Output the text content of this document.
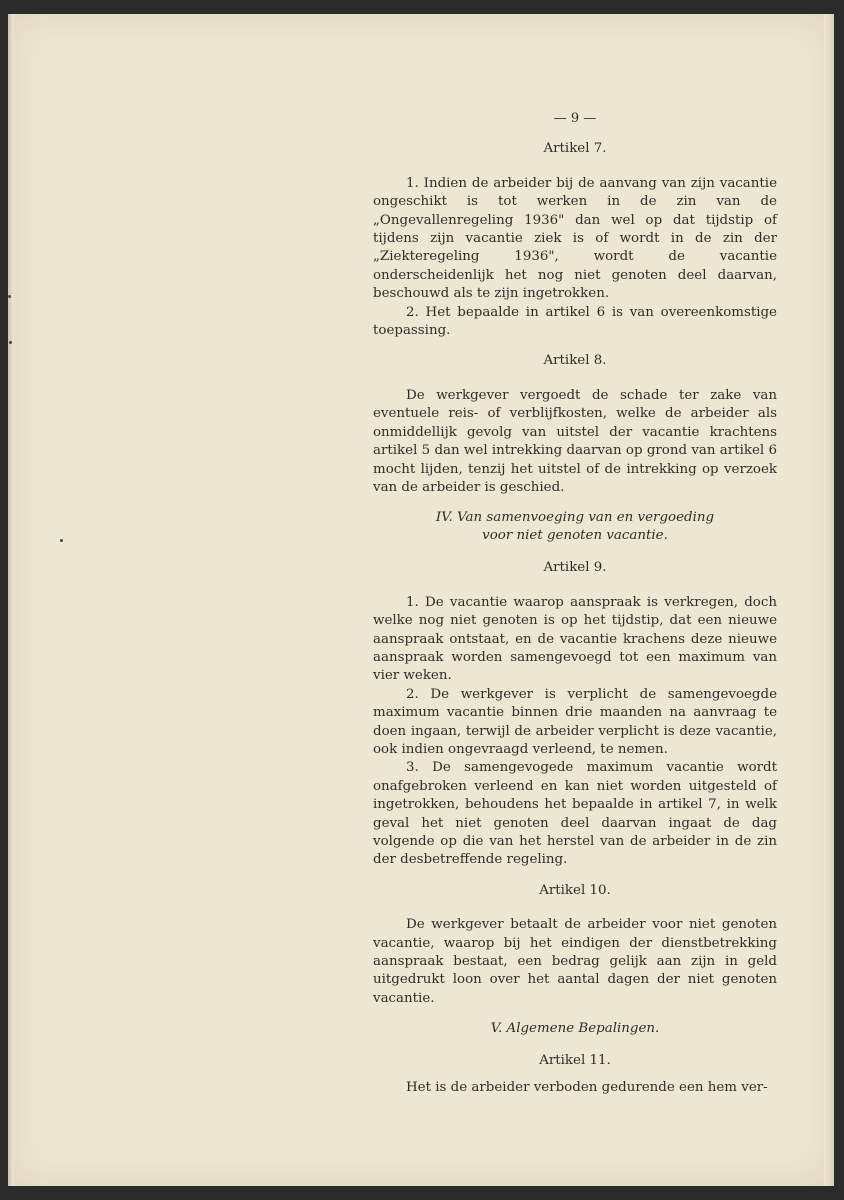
— 9 —
Artikel 7.

1. Indien de arbeider bij de aanvang van zijn vacantie ongeschikt is tot werken in de zin van de „Ongevallenregeling 1936" dan wel op dat tijdstip of tijdens zijn vacantie ziek is of wordt in de zin der „Ziekteregeling 1936", wordt de vacantie onderscheidenlijk het nog niet genoten deel daarvan, beschouwd als te zijn ingetrokken.

2. Het bepaalde in artikel 6 is van overeenkomstige toepassing.

Artikel 8.

De werkgever vergoedt de schade ter zake van eventuele reis- of verblijfkosten, welke de arbeider als onmiddellijk gevolg van uitstel der vacantie krachtens artikel 5 dan wel intrekking daarvan op grond van artikel 6 mocht lijden, tenzij het uitstel of de intrekking op verzoek van de arbeider is geschied.

IV. Van samenvoeging van en vergoeding
voor niet genoten vacantie.
Artikel 9.

1. De vacantie waarop aanspraak is verkregen, doch welke nog niet genoten is op het tijdstip, dat een nieuwe aanspraak ontstaat, en de vacantie krachens deze nieuwe aanspraak worden samengevoegd tot een maximum van vier weken.

2. De werkgever is verplicht de samengevoegde maximum vacantie binnen drie maanden na aanvraag te doen ingaan, terwijl de arbeider verplicht is deze vacantie, ook indien ongevraagd verleend, te nemen.

3. De samengevogede maximum vacantie wordt onafgebroken verleend en kan niet worden uitgesteld of ingetrokken, behoudens het bepaalde in artikel 7, in welk geval het niet genoten deel daarvan ingaat de dag volgende op die van het herstel van de arbeider in de zin der desbetreffende regeling.

Artikel 10.

De werkgever betaalt de arbeider voor niet genoten vacantie, waarop bij het eindigen der dienstbetrekking aanspraak bestaat, een bedrag gelijk aan zijn in geld uitgedrukt loon over het aantal dagen der niet genoten vacantie.

V. Algemene Bepalingen.
Artikel 11.

Het is de arbeider verboden gedurende een hem ver-
